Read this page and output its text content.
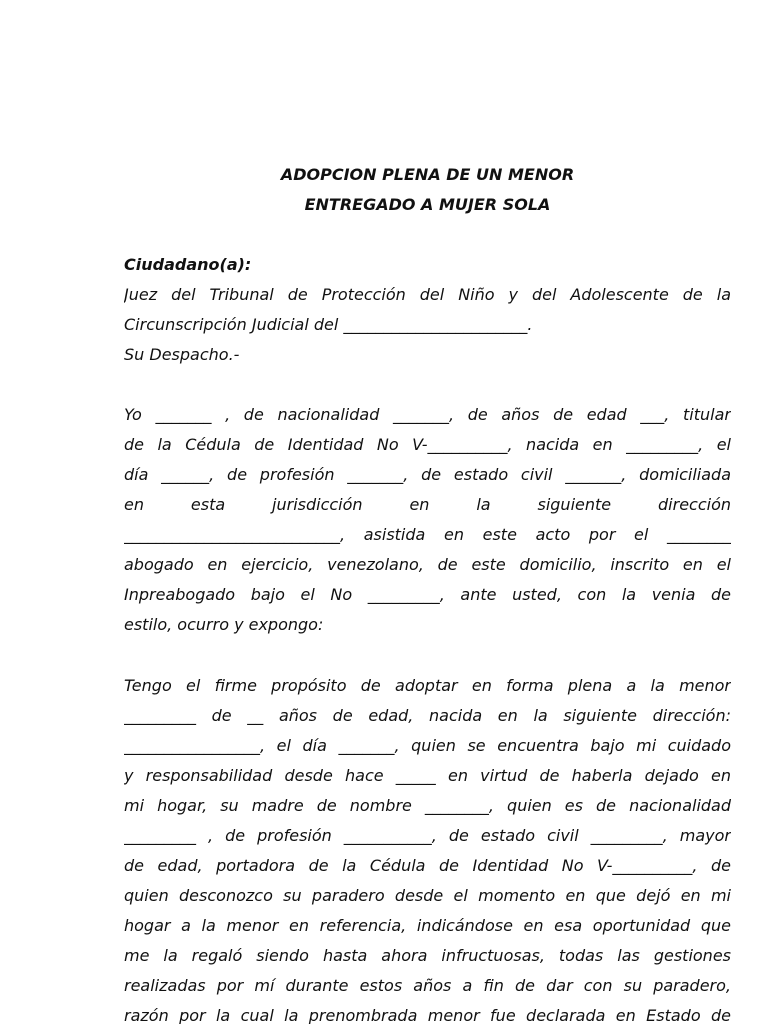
ADOPCION PLENA DE UN MENOR
ENTREGADO A MUJER SOLA
Ciudadano(a):
Juez del Tribunal de Protección del Niño y del Adolescente de la
Circunscripción Judicial del _______________________.
Su Despacho.-
Yo _______ , de nacionalidad _______, de años de edad ___, titular
de la Cédula de Identidad No V-__________, nacida en _________, el
día ______, de profesión _______, de estado civil _______, domiciliada
en esta jurisdicción en la siguiente dirección
___________________________, asistida en este acto por el ________
abogado en ejercicio, venezolano, de este domicilio, inscrito en el
Inpreabogado bajo el No _________, ante usted, con la venia de
estilo, ocurro y expongo:
Tengo el firme propósito de adoptar en forma plena a la menor
_________ de __ años de edad, nacida en la siguiente dirección:
_________________, el día _______, quien se encuentra bajo mi cuidado
y responsabilidad desde hace _____ en virtud de haberla dejado en
mi hogar, su madre de nombre ________, quien es de nacionalidad
_________ , de profesión ___________, de estado civil _________, mayor
de edad, portadora de la Cédula de Identidad No V-__________, de
quien desconozco su paradero desde el momento en que dejó en mi
hogar a la menor en referencia, indicándose en esa oportunidad que
me la regaló siendo hasta ahora infructuosas, todas las gestiones
realizadas por mí durante estos años a fin de dar con su paradero,
razón por la cual la prenombrada menor fue declarada en Estado de
